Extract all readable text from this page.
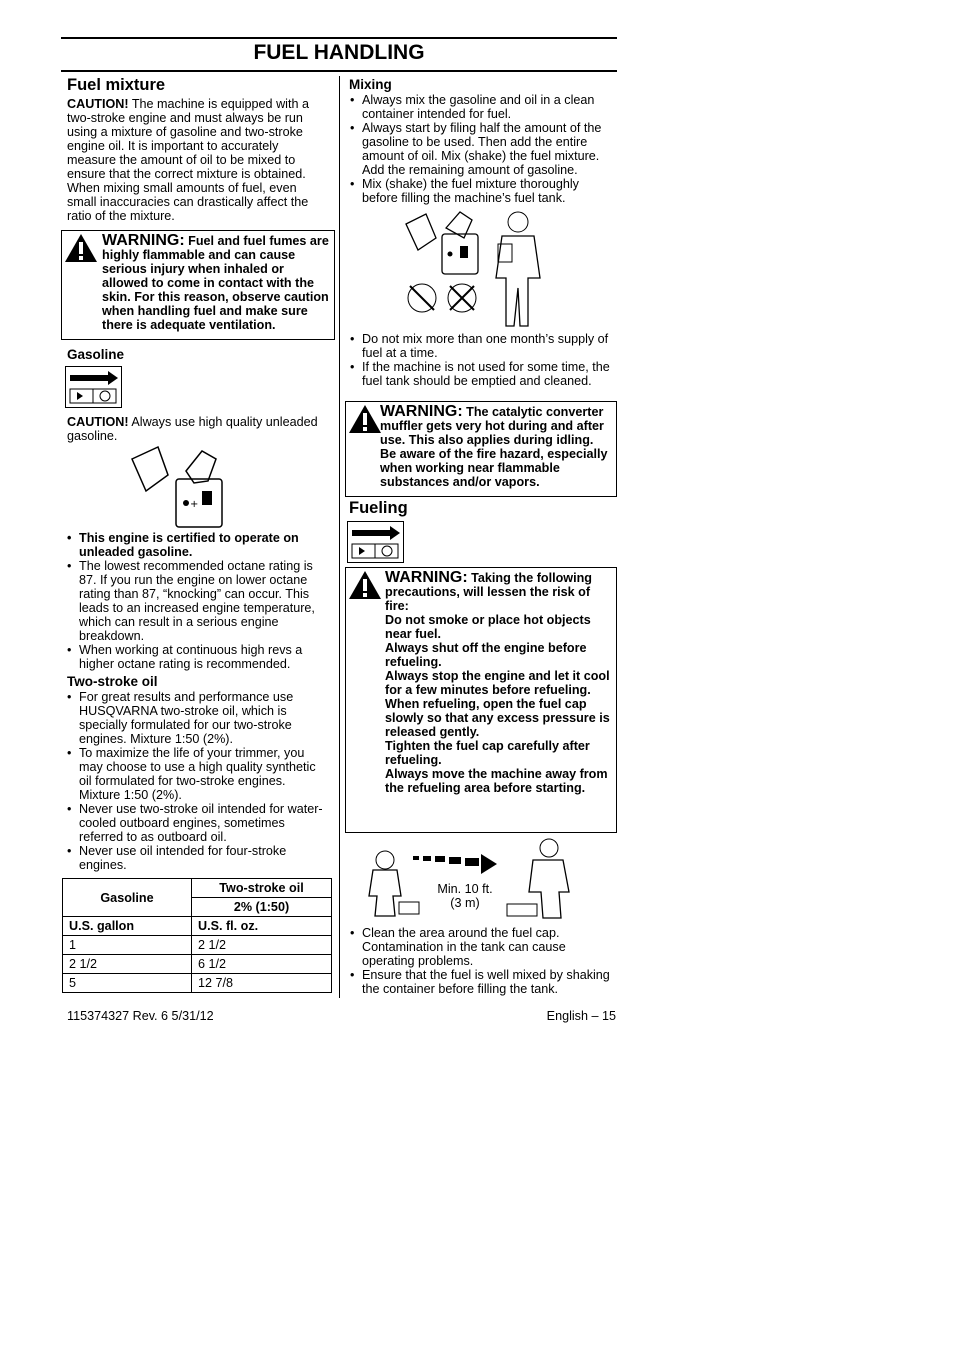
FUEL HANDLING
Fuel mixture
CAUTION! The machine is equipped with a two-stroke engine and must always be run using a mixture of gasoline and two-stroke engine oil. It is important to accurately measure the amount of oil to be mixed to ensure that the correct mixture is obtained. When mixing small amounts of fuel, even small inaccuracies can drastically affect the ratio of the mixture.
WARNING: Fuel and fuel fumes are highly flammable and can cause serious injury when inhaled or allowed to come in contact with the skin. For this reason, observe caution when handling fuel and make sure there is adequate ventilation.
Gasoline
CAUTION! Always use high quality unleaded gasoline.
+
• This engine is certified to operate on unleaded gasoline.
• The lowest recommended octane rating is 87. If you run the engine on lower octane rating than 87, “knocking” can occur. This leads to an increased engine temperature, which can result in a serious engine breakdown.
• When working at continuous high revs a higher octane rating is recommended.
Two-stroke oil
• For great results and performance use HUSQVARNA two-stroke oil, which is specially formulated for our two-stroke engines. Mixture 1:50 (2%).
• To maximize the life of your trimmer, you may choose to use a high quality synthetic oil formulated for two-stroke engines. Mixture 1:50 (2%).
• Never use two-stroke oil intended for water-cooled outboard engines, sometimes referred to as outboard oil.
• Never use oil intended for four-stroke engines.
Gasoline	Two-stroke oil
	2% (1:50)
U.S. gallon	U.S. fl. oz.
1	2 1/2
2 1/2	6 1/2
5	12 7/8
Mixing
• Always mix the gasoline and oil in a clean container intended for fuel.
• Always start by filing half the amount of the gasoline to be used. Then add the entire amount of oil. Mix (shake) the fuel mixture. Add the remaining amount of gasoline.
• Mix (shake) the fuel mixture thoroughly before filling the machine’s fuel tank.
• Do not mix more than one month’s supply of fuel at a time.
• If the machine is not used for some time, the fuel tank should be emptied and cleaned.
WARNING: The catalytic converter muffler gets very hot during and after use. This also applies during idling. Be aware of the fire hazard, especially when working near flammable substances and/or vapors.
Fueling
WARNING: Taking the following precautions, will lessen the risk of fire:
Do not smoke or place hot objects near fuel.
Always shut off the engine before refueling.
Always stop the engine and let it cool for a few minutes before refueling.
When refueling, open the fuel cap slowly so that any excess pressure is released gently.
Tighten the fuel cap carefully after refueling.
Always move the machine away from the refueling area before starting.
Min. 10 ft.
(3 m)
• Clean the area around the fuel cap. Contamination in the tank can cause operating problems.
• Ensure that the fuel is well mixed by shaking the container before filling the tank.
115374327 Rev. 6 5/31/12	English – 15
